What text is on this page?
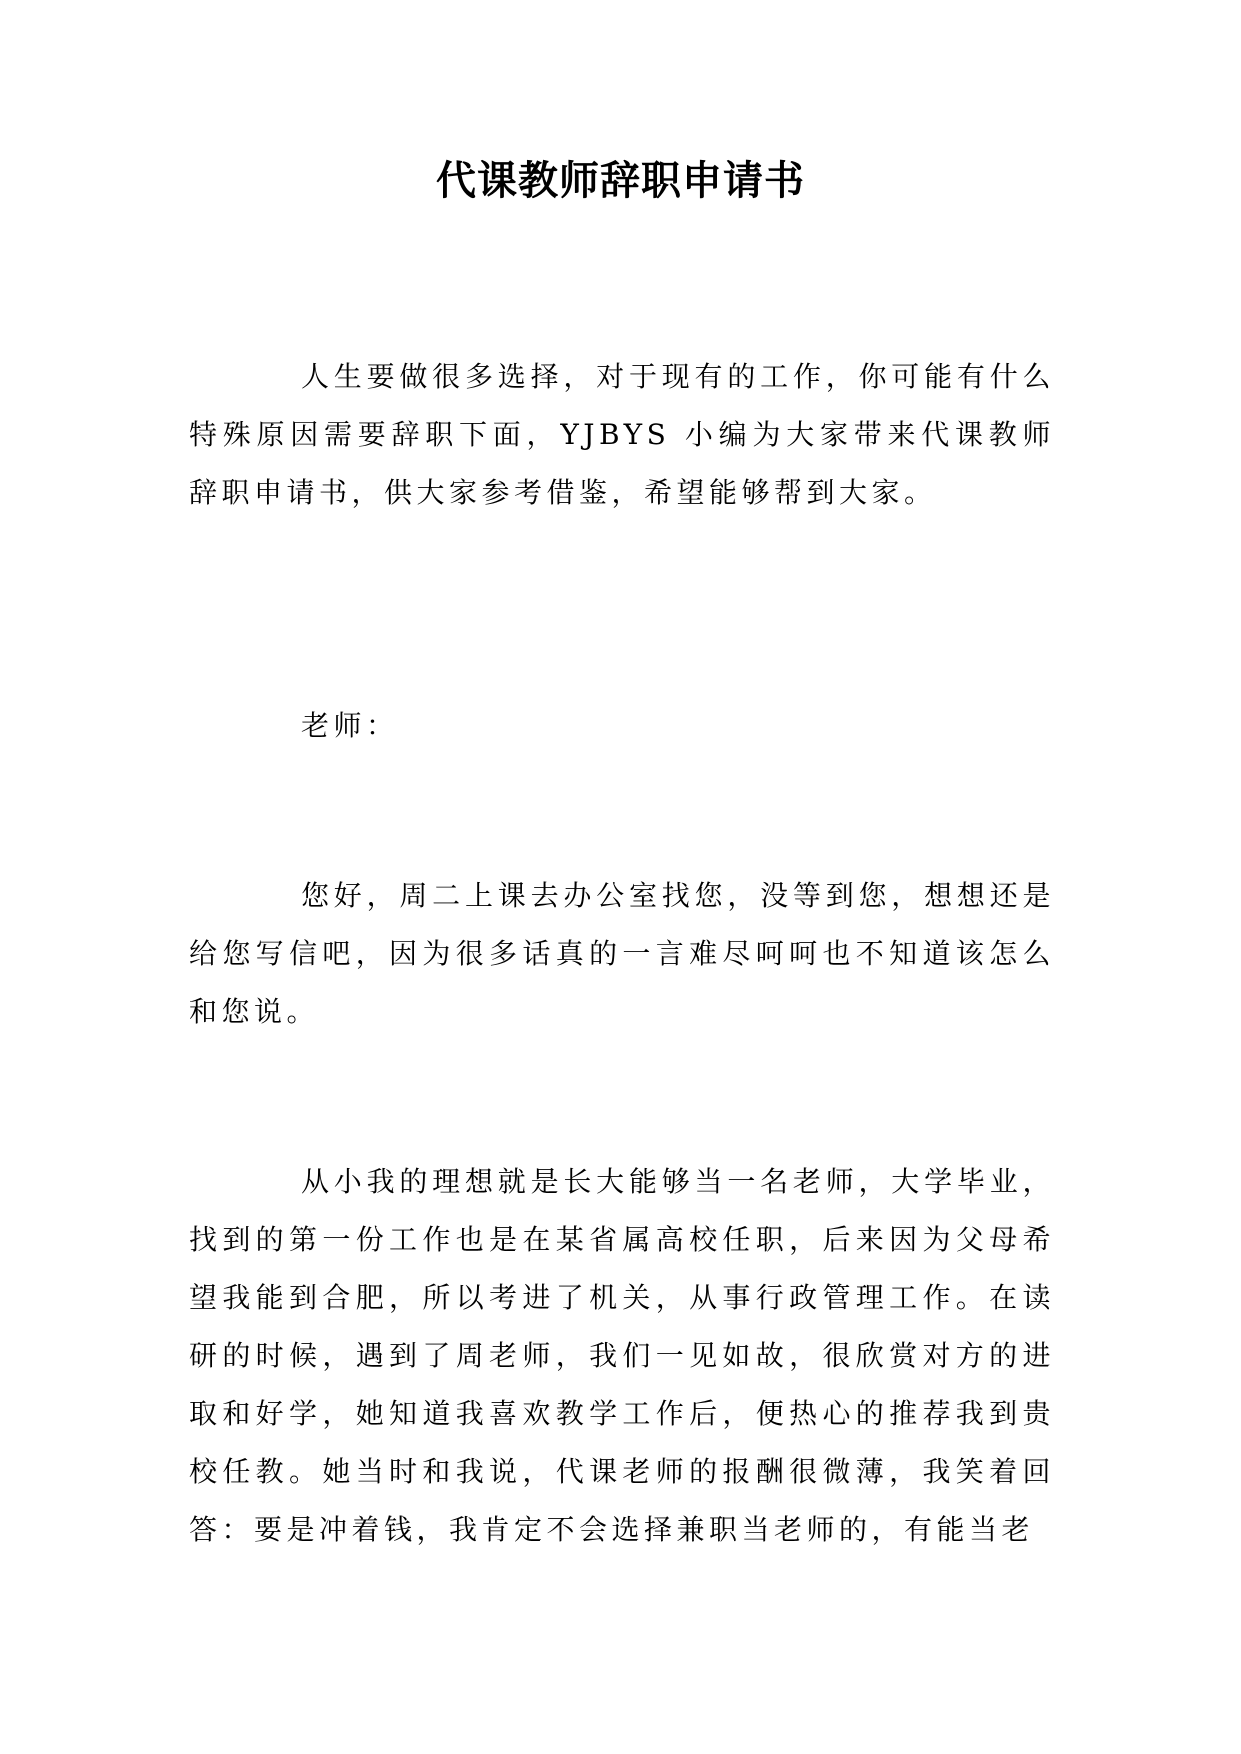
代课教师辞职申请书

人生要做很多选择，对于现有的工作，你可能有什么特殊原因需要辞职下面，YJBYS 小编为大家带来代课教师辞职申请书，供大家参考借鉴，希望能够帮到大家。

老师：

您好，周二上课去办公室找您，没等到您，想想还是给您写信吧，因为很多话真的一言难尽呵呵也不知道该怎么和您说。

从小我的理想就是长大能够当一名老师，大学毕业，找到的第一份工作也是在某省属高校任职，后来因为父母希望我能到合肥，所以考进了机关，从事行政管理工作。在读研的时候，遇到了周老师，我们一见如故，很欣赏对方的进取和好学，她知道我喜欢教学工作后，便热心的推荐我到贵校任教。她当时和我说，代课老师的报酬很微薄，我笑着回答：要是冲着钱，我肯定不会选择兼职当老师的，有能当老
